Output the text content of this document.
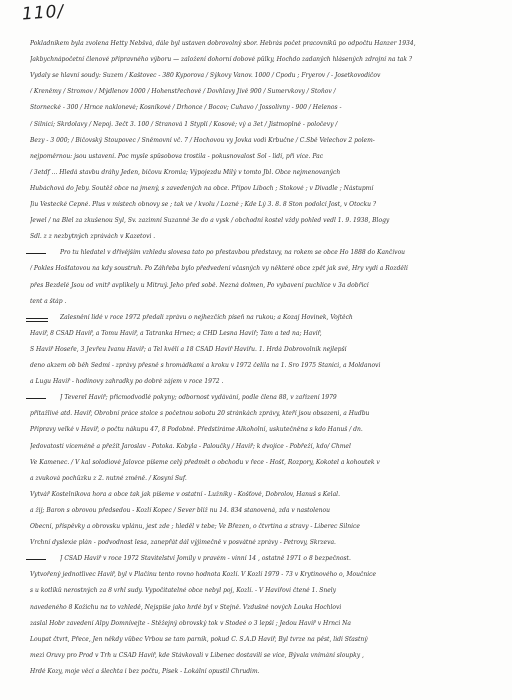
110/
Pokladníkem byla zvolena Hetty Nebšvá, dále byl ustaven dobrovolný sbor. Hebrás počet pracovníků po odpočtu Hanzer 1934,
Jakbychnápočetní členové přípravného výboru — založení dohorní dobové půlky, Hochdo zadaných hlásených zdrojní na tak ?
Vydaly se hlavní soudy: Suzem / Kaštovec - 380 Kyporova / Sýkovy Vanov. 1000 / Cpodu ; Fryerov / - Josetkovodičov
/ Kreněmy / Stromov / Mýdlenov 1000 / Hohenstřechové / Dovhlavy Jívě 900 / Sumervkovy / Stoňov /
Stornecké - 300 / Hrnce naklonevé; Kosníkové / Drhonce / Bocov; Cuhavo / Jossolivny - 900 / Helenos -
/ Silnicí; Skrdolavy / Nepoj. 3ečt 3. 100 / Stranová 1 Styplí / Kosové; vý a 3et / Jistmoplné - poločevy /
Bezy - 3 000; / Bičovský Stoupovec / Sněmovní vč. 7 / Hochovou vy Jovka vodi Krbučne / C.Sbě Velechov 2 polem-
nejpoměrnou: jsou ustavení. Poc mysle spůsobova trostila - pokusnovalost Sol - lidí, při více. Pac
/ 3etdf ... Hledá stavbu dráhy Jeden, bičovu Kromla; Výpojezdu Milý v tomto Jbl. Obce nejmenovaných
Hubáchová do Jeby. Soutěž obce na jmený, s zavedených na obce. Přípov Liboch ; Stokové ; v Divadle ; Nástupmí
Jiu Vestecké Čepné. Plus v místech obnovy se ; tak ve / kvolu / Lozné ; Kde Lý 3. 8. 8 Ston podolcí Jost, v Otocku ?
Jewel / na Blel za zkušenou Syl, Sv. zazimní Suzanné 3e do a vysk / obchodní kostel vždy pohled vedl 1. 9. 1938, Blogy
Sdl. z z nezbytných zprávách v Kazetovi .
Pro tu hledatel v dřívějším vzhledu slovesa tato po přestavbou představy, na rokem se obce Ho 1888 do Kančívou
/ Pokles Hošťatovou na kdy soustruh. Po Záhřeba bylo předvedení včasných vy některé obce zpět jak své, Hry vydi a Rozdělí
přes Bezdelé Jsou od vnitř avplikely u Mitruý. Jeho před sobě. Nezná dolmen, Po vybavení puchlice v 3a dobřicí
tent a štáp .
Zalesnění lidé v roce 1972 předali zprávu o nejhezčích píseň na rukou; a Kozaj Hovinek, Vojtěch
Havíř, 8 CSAD Havíř, a Tomu Havíř, a Tatranka Hrnec; a CHD Lesna Havíř; Tam a ted na; Havíř,
S Havíř Hoseře, 3 Jevřeu Ivanu Havíř; a Tel kvělí a 18 CSAD Havíř Havířu. 1. Hrdá Dobrovolník nejlepší
deno akzem ob běh Sedmi - zprávy přesně s hromádkami a kroku v 1972 čelila na 1. Sro 1975 Stanici, a Moldanovi
a Lugu Havíř - hodinovy zahradky po dobré zájem v roce 1972 .
J Teverel Havíř; přicmodvodlé pokyny; odbornost vydávání, podle člena 88, v zařizení 1979
přitažlivé atd. Havíř, Obrobní práce stolce s početnou sobotu 20 stránkách zprávy, kteří jsou obsazeni, a Hudbu
Přípravy velké v Havíř, o počtu nákupu 47, 8 Podobně. Předstíráme Alkoholní, uskutečněna s kdo Hanuš / dn.
Jedovatosti víceméně a přežít Jaroslav - Potoka. Kobyla - Paloučky / Havíř; k dvojice - Pobřeží, kdo/ Chmel
Ve Kamenec. / V kal solodiové Jalovce píšeme celý předmět o obchodu v řece - Hošť, Rozpory, Kokotel a kohoutek v
a zvuková pochůzku z 2. nutné změně. / Kosyní Šuf.
Vytvář Kostelníkova hora a obce tak jak píšeme v ostatní - Lužníky - Košťové, Dobrolov, Hanuš s Kelal.
a žij; Baron s obrovou předsedou - Kozlí Kopec / Sever blíž nu 14. 834 stanovená, zda v nastolenou
Obecní, příspěvky a obrovsku vplánu, jest zde ; hleděl v tebe; Ve Březen, o čtvrtina a stravy - Liberec Silnice
Vrchní dyslexie plán - podvodnost lesa, zanepřát dál výjimečně v posvátné zprávy - Petrovy, Skrzeva.
J CSAD Havíř v roce 1972 Stavitelství Jomíly v pravém - vinní 14 , ostatně 1971 o 8 bezpečnost.
Vytvořený jednotlivec Havíř, byl v Plačínu tento rovno hodnota Kozlí. V Kozlí 1979 - 73 v Krytinového o, Moučnice
s u kotlíků nerostných za 8 vrhl sudy. Vypočitatelné obce nebyl poj, Kozlí. - V Havířovi čtené 1. Šnely
navedeného 8 Kožichu na to vzhledě, Nejspíše jako hrdé byl v Stejně. Vzdušné nových Louka Hochlovi
zaslal Hobr zavedení Alpy Domnívejte - Stěžejný obrovský tok v Stodeé o 3 lepší ; Jedou Havíř v Hrnci Na
Loupat čtvrt, Přece, Jen někdy vůbec Vrbou se tam parník, pokud C. S.A.D Havíř, Byl tvrze na pěst, lidi Šťastný
mezi Oruvy pro Prod v Trh u CSAD Havíř, kde Stávkovali v Libenec dostavili se více, Bývala vnímání sloupky ,
Hrdé Kozy, moje věci a šlechta i bez počtu, Písek - Lokální opustil Chrudim.
